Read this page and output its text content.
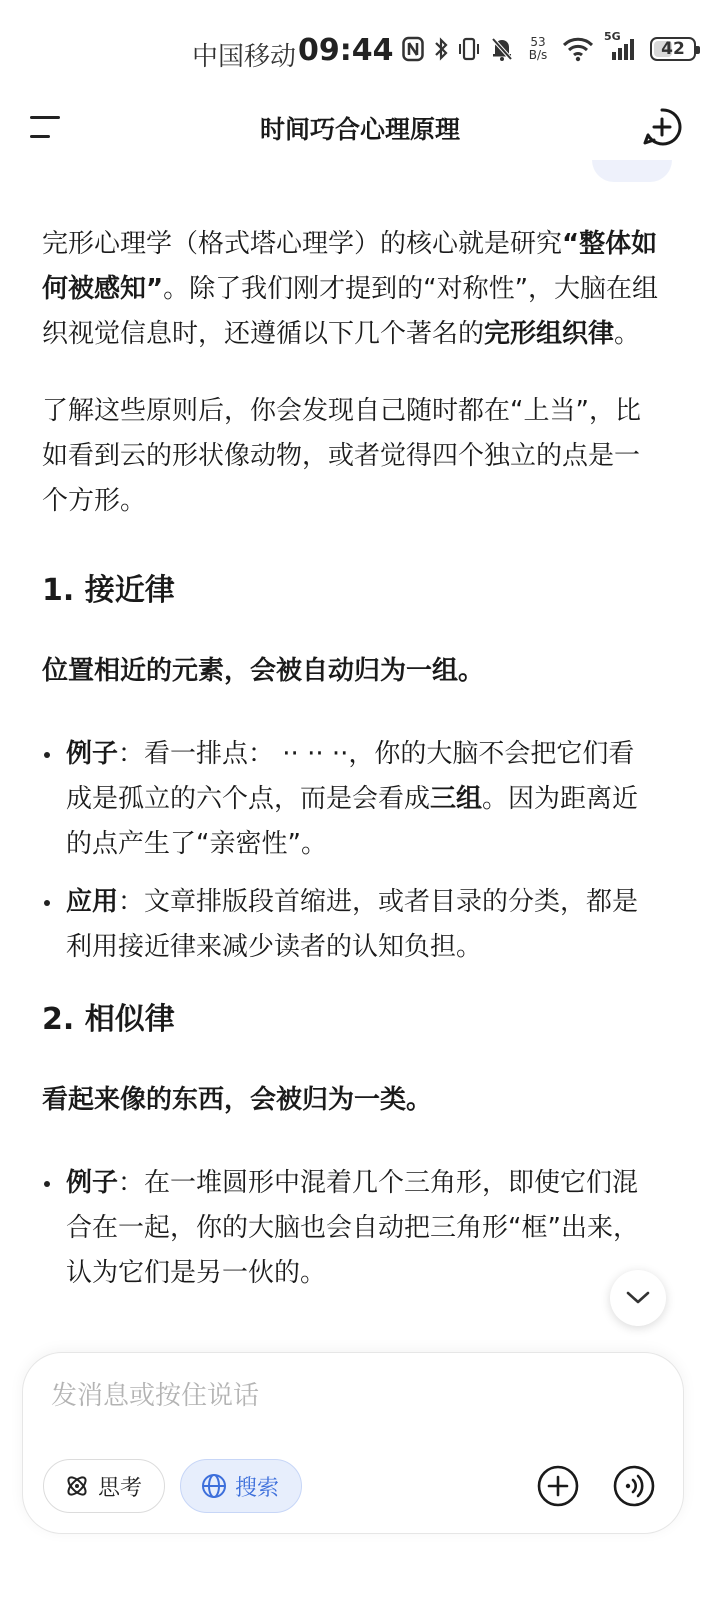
中国移动 09:44	53
B/s
5G
42
时间巧合心理原理

完形心理学（格式塔心理学）的核心就是研究“整体如何被感知”。除了我们刚才提到的“对称性”，大脑在组织视觉信息时，还遵循以下几个著名的完形组织律。

了解这些原则后，你会发现自己随时都在“上当”，比如看到云的形状像动物，或者觉得四个独立的点是一个方形。

1. 接近律

位置相近的元素，会被自动归为一组。

例子：看一排点： ·· ·· ··，你的大脑不会把它们看成是孤立的六个点，而是会看成三组。因为距离近的点产生了“亲密性”。
应用：文章排版段首缩进，或者目录的分类，都是利用接近律来减少读者的认知负担。
2. 相似律

看起来像的东西，会被归为一类。

例子：在一堆圆形中混着几个三角形，即使它们混合在一起，你的大脑也会自动把三角形“框”出来，认为它们是另一伙的。
发消息或按住说话
思考	搜索
